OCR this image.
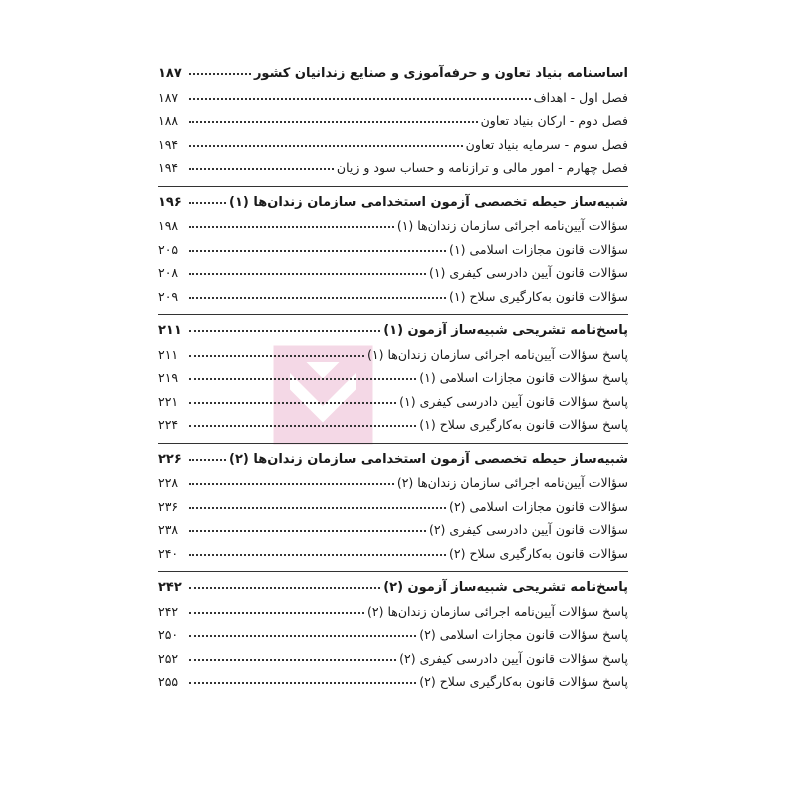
اساسنامه بنیاد تعاون و حرفه‌آموزی و صنایع زندانیان کشور
۱۸۷
فصل اول - اهداف
۱۸۷
فصل دوم - ارکان بنیاد تعاون
۱۸۸
فصل سوم - سرمایه بنیاد تعاون
۱۹۴
فصل چهارم - امور مالی و ترازنامه و حساب سود و زیان
۱۹۴
شبیه‌ساز حیطه تخصصی آزمون استخدامی سازمان زندان‌ها (۱)
۱۹۶
سؤالات آیین‌نامه اجرائی سازمان زندان‌ها (۱)
۱۹۸
سؤالات قانون مجازات اسلامی (۱)
۲۰۵
سؤالات قانون آیین دادرسی کیفری (۱)
۲۰۸
سؤالات قانون به‌کارگیری سلاح (۱)
۲۰۹
پاسخ‌نامه تشریحی شبیه‌ساز آزمون (۱)
۲۱۱
پاسخ سؤالات آیین‌نامه اجرائی سازمان زندان‌ها (۱)
۲۱۱
پاسخ سؤالات قانون مجازات اسلامی (۱)
۲۱۹
پاسخ سؤالات قانون آیین دادرسی کیفری (۱)
۲۲۱
پاسخ سؤالات قانون به‌کارگیری سلاح (۱)
۲۲۴
شبیه‌ساز حیطه تخصصی آزمون استخدامی سازمان زندان‌ها (۲)
۲۲۶
سؤالات آیین‌نامه اجرائی سازمان زندان‌ها (۲)
۲۲۸
سؤالات قانون مجازات اسلامی (۲)
۲۳۶
سؤالات قانون آیین دادرسی کیفری (۲)
۲۳۸
سؤالات قانون به‌کارگیری سلاح (۲)
۲۴۰
پاسخ‌نامه تشریحی شبیه‌ساز آزمون (۲)
۲۴۲
پاسخ سؤالات آیین‌نامه اجرائی سازمان زندان‌ها (۲)
۲۴۲
پاسخ سؤالات قانون مجازات اسلامی (۲)
۲۵۰
پاسخ سؤالات قانون آیین دادرسی کیفری (۲)
۲۵۲
پاسخ سؤالات قانون به‌کارگیری سلاح (۲)
۲۵۵
